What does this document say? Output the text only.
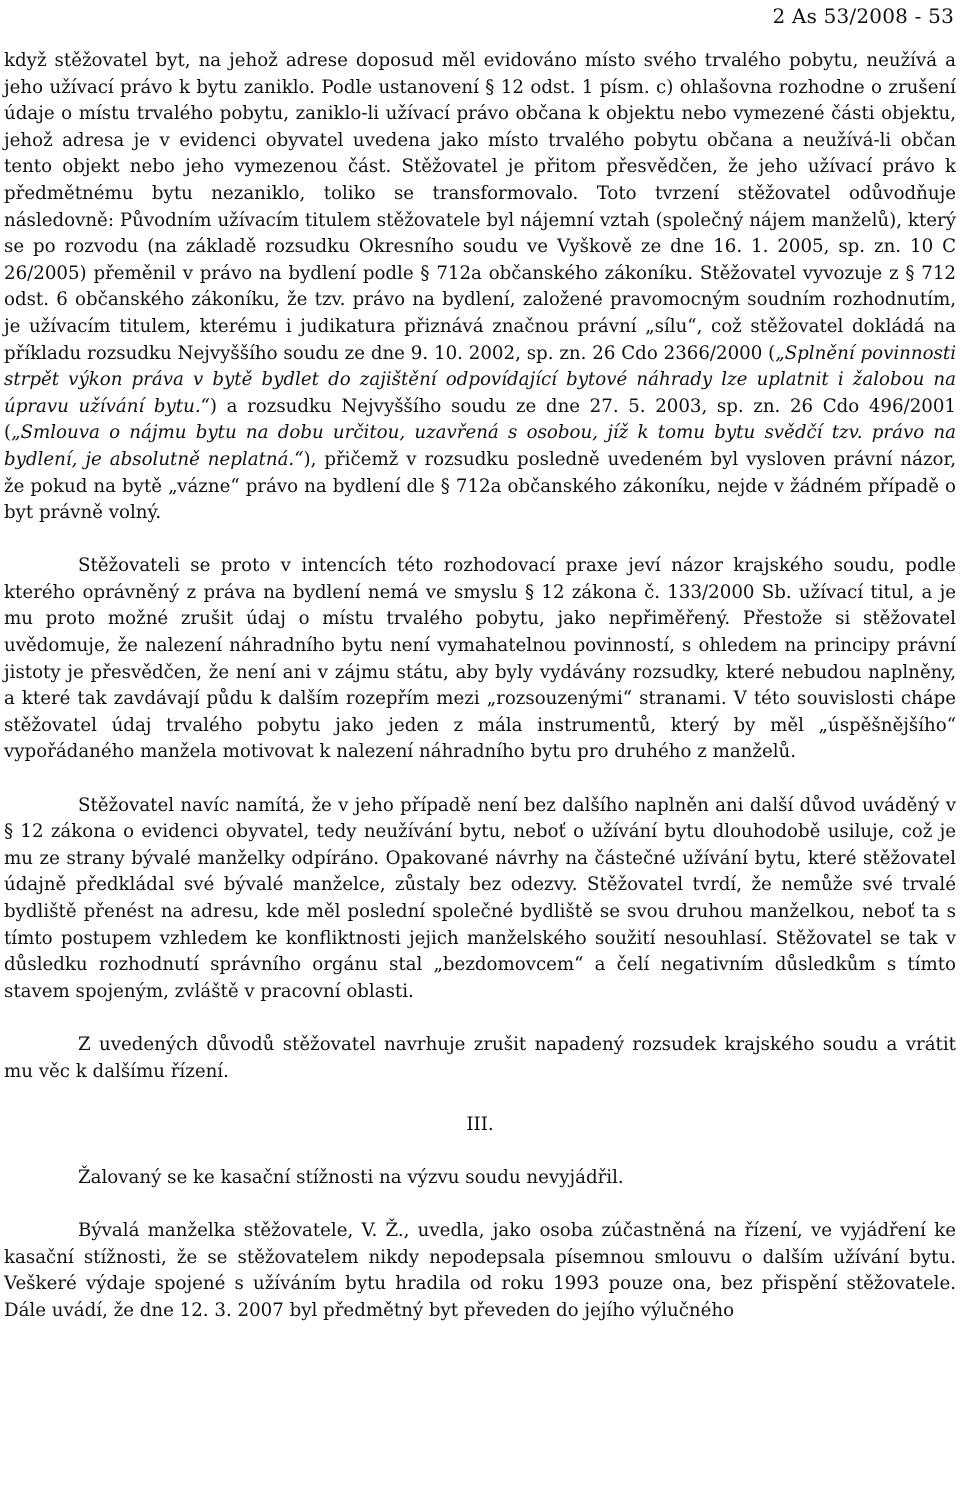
2 As 53/2008 - 53

když stěžovatel byt, na jehož adrese doposud měl evidováno místo svého trvalého pobytu, neužívá a jeho užívací právo k bytu zaniklo. Podle ustanovení § 12 odst. 1 písm. c) ohlašovna rozhodne o zrušení údaje o místu trvalého pobytu, zaniklo-li užívací právo občana k objektu nebo vymezené části objektu, jehož adresa je v evidenci obyvatel uvedena jako místo trvalého pobytu občana a neužívá-li občan tento objekt nebo jeho vymezenou část. Stěžovatel je přitom přesvědčen, že jeho užívací právo k předmětnému bytu nezaniklo, toliko se transformovalo. Toto tvrzení stěžovatel odůvodňuje následovně: Původním užívacím titulem stěžovatele byl nájemní vztah (společný nájem manželů), který se po rozvodu (na základě rozsudku Okresního soudu ve Vyškově ze dne 16. 1. 2005, sp. zn. 10 C 26/2005) přeměnil v právo na bydlení podle § 712a občanského zákoníku. Stěžovatel vyvozuje z § 712 odst. 6 občanského zákoníku, že tzv. právo na bydlení, založené pravomocným soudním rozhodnutím, je užívacím titulem, kterému i judikatura přiznává značnou právní „sílu“, což stěžovatel dokládá na příkladu rozsudku Nejvyššího soudu ze dne 9. 10. 2002, sp. zn. 26 Cdo 2366/2000 („Splnění povinnosti strpět výkon práva v bytě bydlet do zajištění odpovídající bytové náhrady lze uplatnit i žalobou na úpravu užívání bytu.“) a rozsudku Nejvyššího soudu ze dne 27. 5. 2003, sp. zn. 26 Cdo 496/2001 („Smlouva o nájmu bytu na dobu určitou, uzavřená s osobou, jíž k tomu bytu svědčí tzv. právo na bydlení, je absolutně neplatná.“), přičemž v rozsudku posledně uvedeném byl vysloven právní názor, že pokud na bytě „vázne“ právo na bydlení dle § 712a občanského zákoníku, nejde v žádném případě o byt právně volný.

Stěžovateli se proto v intencích této rozhodovací praxe jeví názor krajského soudu, podle kterého oprávněný z práva na bydlení nemá ve smyslu § 12 zákona č. 133/2000 Sb. užívací titul, a je mu proto možné zrušit údaj o místu trvalého pobytu, jako nepřiměřený. Přestože si stěžovatel uvědomuje, že nalezení náhradního bytu není vymahatelnou povinností, s ohledem na principy právní jistoty je přesvědčen, že není ani v zájmu státu, aby byly vydávány rozsudky, které nebudou naplněny, a které tak zavdávají půdu k dalším rozepřím mezi „rozsouzenými“ stranami. V této souvislosti chápe stěžovatel údaj trvalého pobytu jako jeden z mála instrumentů, který by měl „úspěšnějšího“ vypořádaného manžela motivovat k nalezení náhradního bytu pro druhého z manželů.

Stěžovatel navíc namítá, že v jeho případě není bez dalšího naplněn ani další důvod uváděný v § 12 zákona o evidenci obyvatel, tedy neužívání bytu, neboť o užívání bytu dlouhodobě usiluje, což je mu ze strany bývalé manželky odpíráno. Opakované návrhy na částečné užívání bytu, které stěžovatel údajně předkládal své bývalé manželce, zůstaly bez odezvy. Stěžovatel tvrdí, že nemůže své trvalé bydliště přenést na adresu, kde měl poslední společné bydliště se svou druhou manželkou, neboť ta s tímto postupem vzhledem ke konfliktnosti jejich manželského soužití nesouhlasí. Stěžovatel se tak v důsledku rozhodnutí správního orgánu stal „bezdomovcem“ a čelí negativním důsledkům s tímto stavem spojeným, zvláště v pracovní oblasti.

Z uvedených důvodů stěžovatel navrhuje zrušit napadený rozsudek krajského soudu a vrátit mu věc k dalšímu řízení.

III.

Žalovaný se ke kasační stížnosti na výzvu soudu nevyjádřil.

Bývalá manželka stěžovatele, V. Ž., uvedla, jako osoba zúčastněná na řízení, ve vyjádření ke kasační stížnosti, že se stěžovatelem nikdy nepodepsala písemnou smlouvu o dalším užívání bytu. Veškeré výdaje spojené s užíváním bytu hradila od roku 1993 pouze ona, bez přispění stěžovatele. Dále uvádí, že dne 12. 3. 2007 byl předmětný byt převeden do jejího výlučného
